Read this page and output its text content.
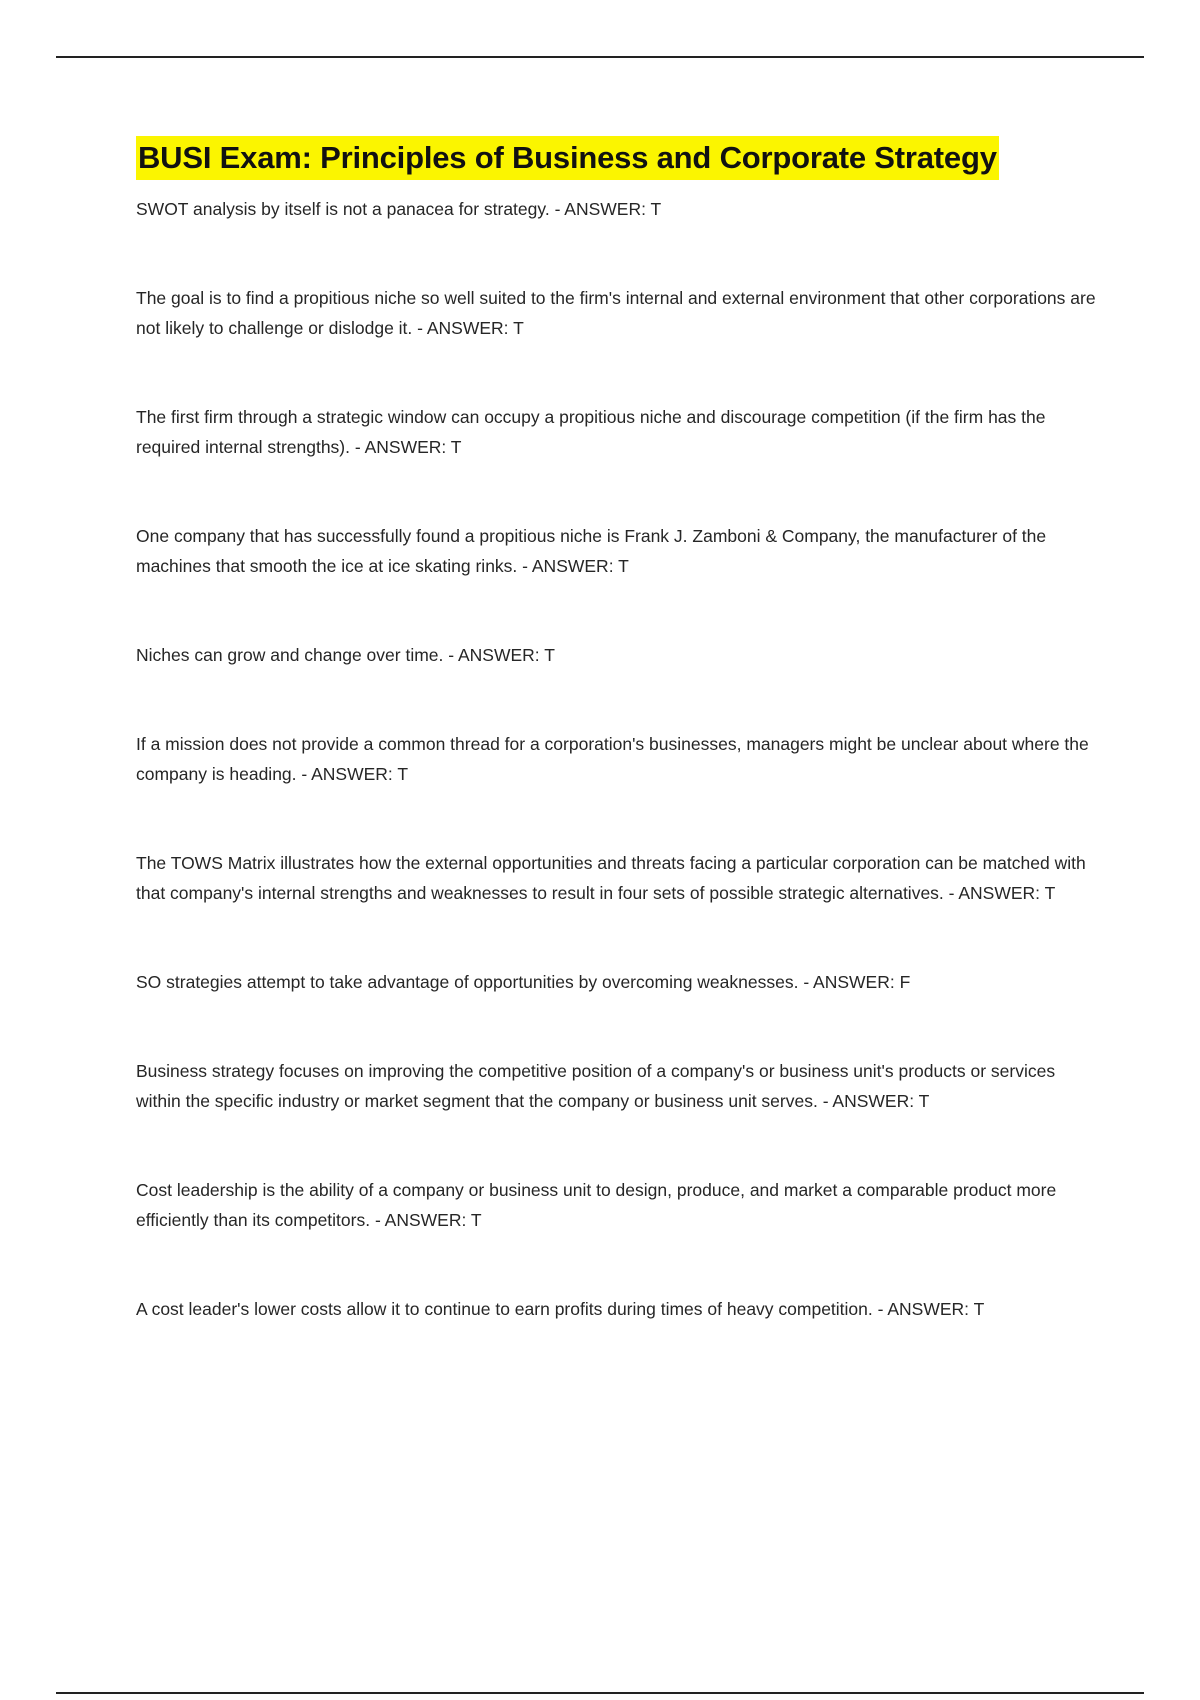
BUSI Exam: Principles of Business and Corporate Strategy
SWOT analysis by itself is not a panacea for strategy. - ANSWER: T
The goal is to find a propitious niche so well suited to the firm's internal and external environment that other corporations are not likely to challenge or dislodge it. - ANSWER: T
The first firm through a strategic window can occupy a propitious niche and discourage competition (if the firm has the required internal strengths). - ANSWER: T
One company that has successfully found a propitious niche is Frank J. Zamboni & Company, the manufacturer of the machines that smooth the ice at ice skating rinks. - ANSWER: T
Niches can grow and change over time. - ANSWER: T
If a mission does not provide a common thread for a corporation's businesses, managers might be unclear about where the company is heading. - ANSWER: T
The TOWS Matrix illustrates how the external opportunities and threats facing a particular corporation can be matched with that company's internal strengths and weaknesses to result in four sets of possible strategic alternatives. - ANSWER: T
SO strategies attempt to take advantage of opportunities by overcoming weaknesses. - ANSWER: F
Business strategy focuses on improving the competitive position of a company's or business unit's products or services within the specific industry or market segment that the company or business unit serves. - ANSWER: T
Cost leadership is the ability of a company or business unit to design, produce, and market a comparable product more efficiently than its competitors. - ANSWER: T
A cost leader's lower costs allow it to continue to earn profits during times of heavy competition. - ANSWER: T
